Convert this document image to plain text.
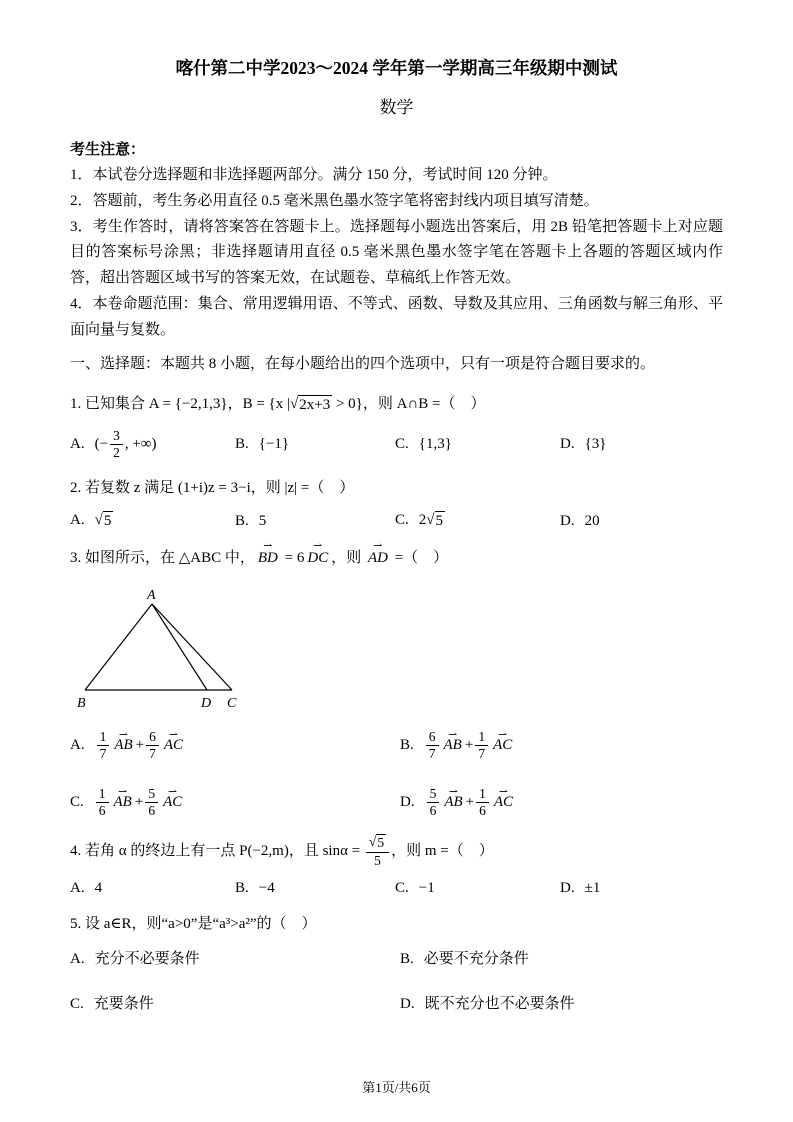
喀什第二中学2023～2024 学年第一学期高三年级期中测试
数学
考生注意：

1．本试卷分选择题和非选择题两部分。满分 150 分，考试时间 120 分钟。

2．答题前，考生务必用直径 0.5 毫米黑色墨水签字笔将密封线内项目填写清楚。

3．考生作答时，请将答案答在答题卡上。选择题每小题选出答案后，用 2B 铅笔把答题卡上对应题目的答案标号涂黑；非选择题请用直径 0.5 毫米黑色墨水签字笔在答题卡上各题的答题区域内作答，超出答题区域书写的答案无效，在试题卷、草稿纸上作答无效。

4．本卷命题范围：集合、常用逻辑用语、不等式、函数、导数及其应用、三角函数与解三角形、平面向量与复数。

一、选择题：本题共 8 小题，在每小题给出的四个选项中，只有一项是符合题目要求的。
1. 已知集合 A = {−2,1,3}，B = {x | √ 2x+3 > 0}，则 A∩B =（　）
A. (− $\frac{3}{2}$ , +∞)	B. {−1}	C. {1,3}	D. {3}
2. 若复数 z 满足 (1+i)z = 3−i，则 |z| =（　）
A. √ 5	B. 5	C. 2 √ 5	D. 20
3. 如图所示，在 △ABC 中， BD ⇀ = 6 DC ⇀ ，则 AD ⇀ =（　）
A
B	D C
A. $\frac{1}{7}$ AB ⇀ + $\frac{6}{7}$ AC ⇀	B. $\frac{6}{7}$ AB ⇀ + $\frac{1}{7}$ AC ⇀
C. $\frac{1}{6}$ AB ⇀ + $\frac{5}{6}$ AC ⇀	D. $\frac{5}{6}$ AB ⇀ + $\frac{1}{6}$ AC ⇀
4. 若角 α 的终边上有一点 P(−2,m)，且 sinα = √ $\frac{5}{5}$ ，则 m =（　）
A. 4	B. −4	C. −1	D. ±1
5. 设 a∈R，则“a>0”是“a³>a²”的（　）
A. 充分不必要条件	B. 必要不充分条件
C. 充要条件	D. 既不充分也不必要条件
第1页/共6页
